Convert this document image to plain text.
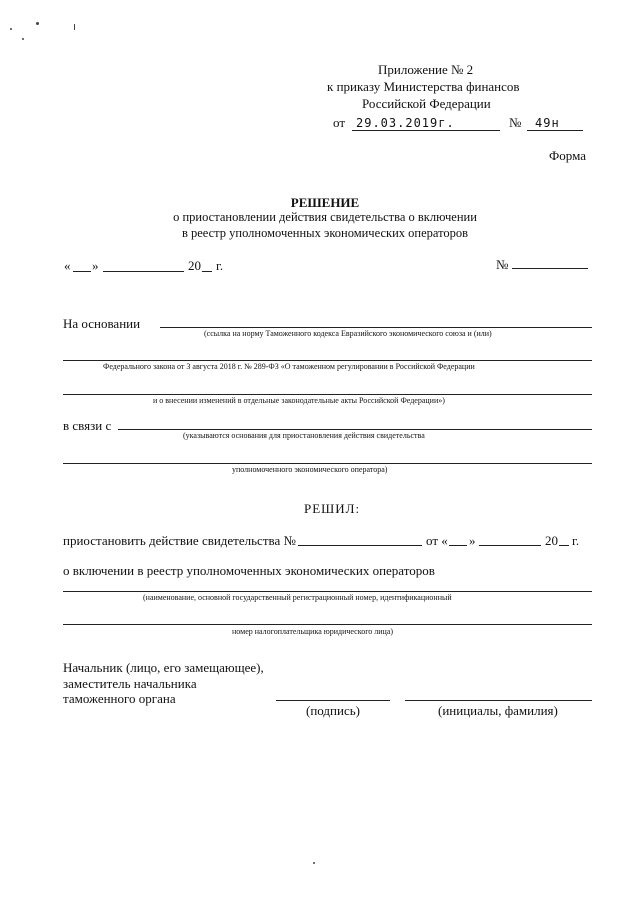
Приложение № 2
к приказу Министерства финансов
Российской Федерации
от 29.03.2019г.	№ 49н
Форма
РЕШЕНИЕ
о приостановлении действия свидетельства о включении
в реестр уполномоченных экономических операторов
« »	20 г.	№
На основании
(ссылка на норму Таможенного кодекса Евразийского экономического союза и (или)
Федерального закона от 3 августа 2018 г. № 289-ФЗ «О таможенном регулировании в Российской Федерации
и о внесении изменений в отдельные законодательные акты Российской Федерации»)
в связи с
(указываются основания для приостановления действия свидетельства
уполномоченного экономического оператора)
РЕШИЛ:
приостановить действие свидетельства №	от « »	20 г.
о включении в реестр уполномоченных экономических операторов
(наименование, основной государственный регистрационный номер, идентификационный
номер налогоплательщика юридического лица)
Начальник (лицо, его замещающее),
заместитель начальника
таможенного органа
(подпись)	(инициалы, фамилия)
